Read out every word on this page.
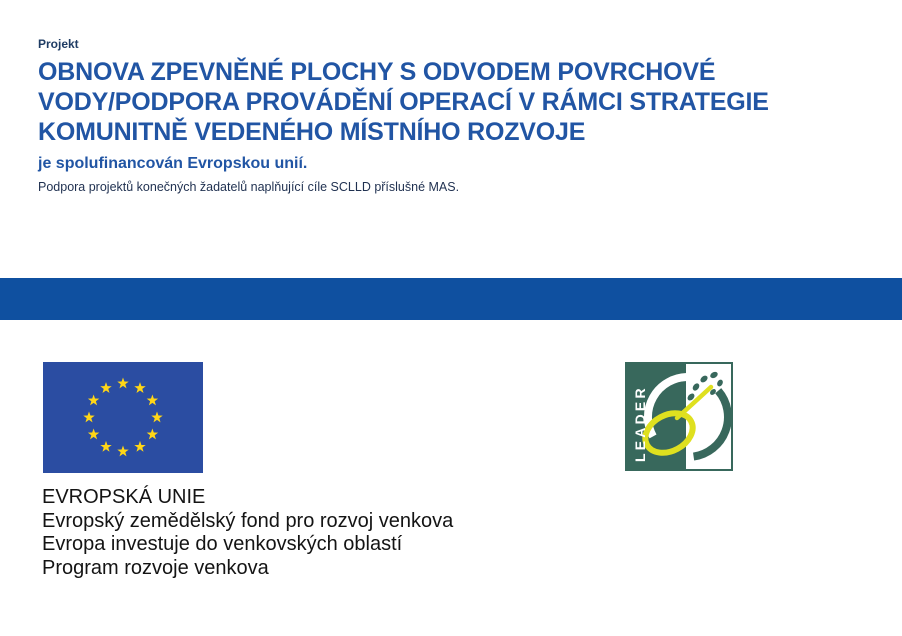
Projekt
OBNOVA ZPEVNĚNÉ PLOCHY S ODVODEM POVRCHOVÉ
VODY/PODPORA PROVÁDĚNÍ OPERACÍ V RÁMCI STRATEGIE
KOMUNITNĚ VEDENÉHO MÍSTNÍHO ROZVOJE
je spolufinancován Evropskou unií.
Podpora projektů konečných žadatelů naplňující cíle SCLLD příslušné MAS.
LEADER
EVROPSKÁ UNIE
Evropský zemědělský fond pro rozvoj venkova
Evropa investuje do venkovských oblastí
Program rozvoje venkova
